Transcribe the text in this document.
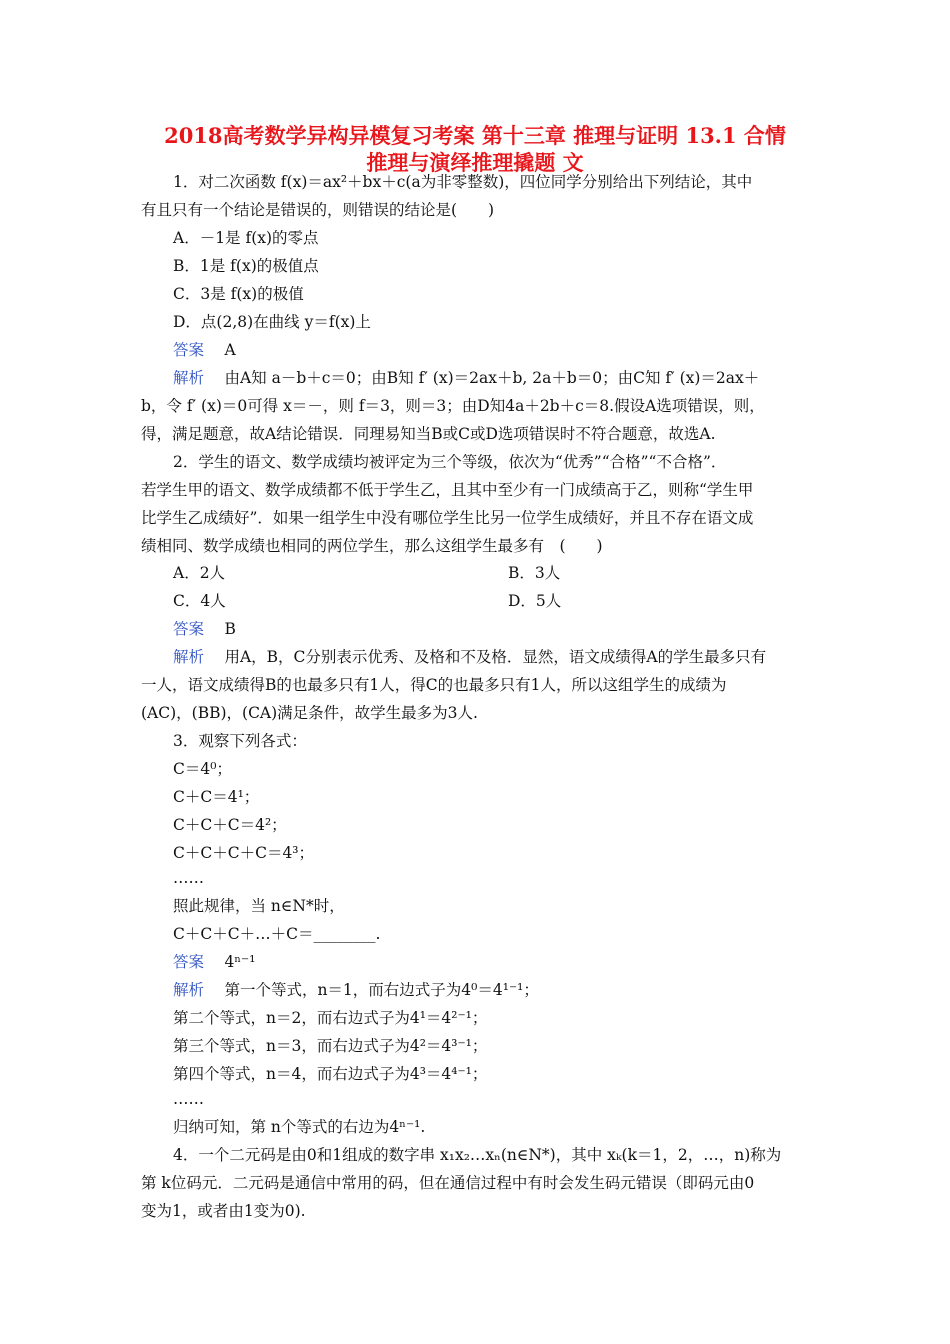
2018高考数学异构异模复习考案 第十三章 推理与证明 13.1 合情
推理与演绎推理撬题 文
1．对二次函数 f(x)＝ax²＋bx＋c(a为非零整数)，四位同学分别给出下列结论，其中
有且只有一个结论是错误的，则错误的结论是(　　)
A．－1是 f(x)的零点
B．1是 f(x)的极值点
C．3是 f(x)的极值
D．点(2,8)在曲线 y＝f(x)上
答案　 A
解析　 由A知 a－b＋c＝0；由B知 f′ (x)＝2ax＋b, 2a＋b＝0；由C知 f′ (x)＝2ax＋
b，令 f′ (x)＝0可得 x＝－，则 f＝3，则＝3；由D知4a＋2b＋c＝8.假设A选项错误，则，
得，满足题意，故A结论错误．同理易知当B或C或D选项错误时不符合题意，故选A.
2．学生的语文、数学成绩均被评定为三个等级，依次为“优秀”“合格”“不合格”．
若学生甲的语文、数学成绩都不低于学生乙，且其中至少有一门成绩高于乙，则称“学生甲
比学生乙成绩好”．如果一组学生中没有哪位学生比另一位学生成绩好，并且不存在语文成
绩相同、数学成绩也相同的两位学生，那么这组学生最多有　(　　)
A．2人	B．3人
C．4人	D．5人
答案　 B
解析　 用A，B，C分别表示优秀、及格和不及格．显然，语文成绩得A的学生最多只有
一人，语文成绩得B的也最多只有1人，得C的也最多只有1人，所以这组学生的成绩为
(AC)，(BB)，(CA)满足条件，故学生最多为3人.
3．观察下列各式：
C＝4⁰；
C＋C＝4¹；
C＋C＋C＝4²；
C＋C＋C＋C＝4³；
……
照此规律，当 n∈N*时，
C＋C＋C＋…＋C＝________.
答案　 4ⁿ⁻¹
解析　 第一个等式，n＝1，而右边式子为4⁰＝4¹⁻¹；
第二个等式，n＝2，而右边式子为4¹＝4²⁻¹；
第三个等式，n＝3，而右边式子为4²＝4³⁻¹；
第四个等式，n＝4，而右边式子为4³＝4⁴⁻¹；
……
归纳可知，第 n个等式的右边为4ⁿ⁻¹.
4．一个二元码是由0和1组成的数字串 x₁x₂…xₙ(n∈N*)，其中 xₖ(k＝1，2，…，n)称为
第 k位码元．二元码是通信中常用的码，但在通信过程中有时会发生码元错误（即码元由0
变为1，或者由1变为0).
